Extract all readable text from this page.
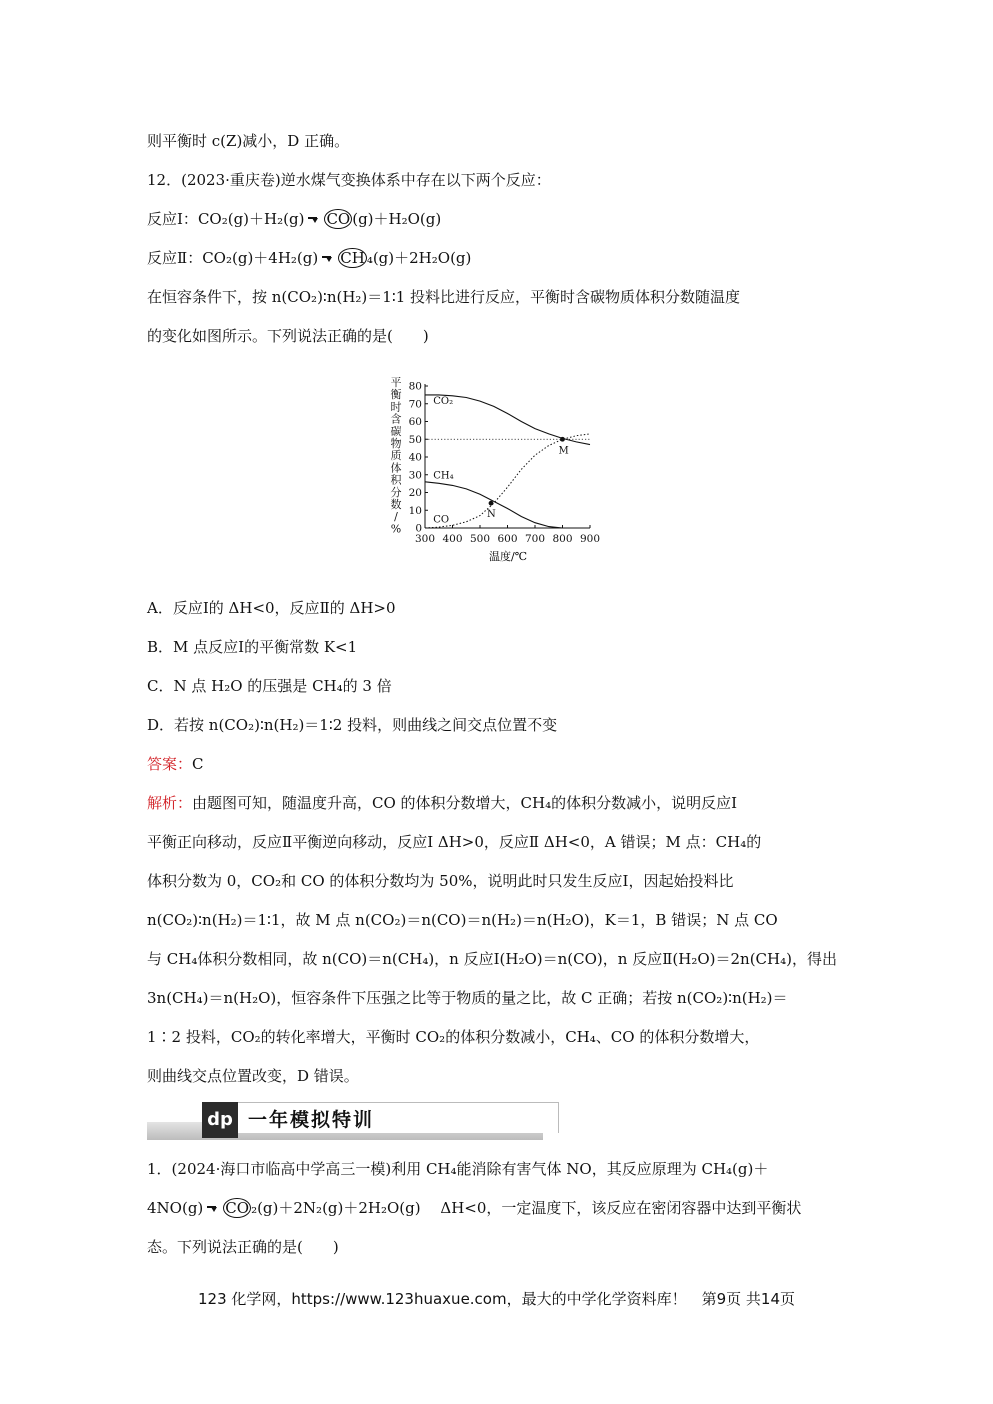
则平衡时 c(Z)减小，D 正确。
12．(2023·重庆卷)逆水煤气变换体系中存在以下两个反应：
反应Ⅰ：CO₂(g)＋H₂(g) CO (g)＋H₂O(g)
反应Ⅱ：CO₂(g)＋4H₂(g) CH ₄(g)＋2H₂O(g)
在恒容条件下，按 n(CO₂)∶n(H₂)＝1∶1 投料比进行反应，平衡时含碳物质体积分数随温度
的变化如图所示。下列说法正确的是(　　)
平
衡
时
含
碳
物
质
体
积
分
数
/
% 0
10
20
30
40
50
60
70
80
300 400 500 600 700 800 900
CO₂
CH₄
CO
M
N
温度/℃
A．反应Ⅰ的 ΔH<0，反应Ⅱ的 ΔH>0
B．M 点反应Ⅰ的平衡常数 K<1
C．N 点 H₂O 的压强是 CH₄的 3 倍
D．若按 n(CO₂)∶n(H₂)＝1∶2 投料，则曲线之间交点位置不变
答案：C
解析：由题图可知，随温度升高，CO 的体积分数增大，CH₄的体积分数减小，说明反应Ⅰ
平衡正向移动，反应Ⅱ平衡逆向移动，反应Ⅰ ΔH>0，反应Ⅱ ΔH<0，A 错误；M 点：CH₄的
体积分数为 0，CO₂和 CO 的体积分数均为 50%，说明此时只发生反应Ⅰ，因起始投料比
n(CO₂)∶n(H₂)＝1∶1，故 M 点 n(CO₂)＝n(CO)＝n(H₂)＝n(H₂O)，K＝1，B 错误；N 点 CO
与 CH₄体积分数相同，故 n(CO)＝n(CH₄)，n 反应Ⅰ(H₂O)＝n(CO)，n 反应Ⅱ(H₂O)＝2n(CH₄)，得出
3n(CH₄)＝n(H₂O)，恒容条件下压强之比等于物质的量之比，故 C 正确；若按 n(CO₂)∶n(H₂)＝
1∶2 投料，CO₂的转化率增大，平衡时 CO₂的体积分数减小，CH₄、CO 的体积分数增大，
则曲线交点位置改变，D 错误。
dp 一年模拟特训
1．(2024·海口市临高中学高三一模)利用 CH₄能消除有害气体 NO，其反应原理为 CH₄(g)＋
4NO(g) CO ₂(g)＋2N₂(g)＋2H₂O(g)　 ΔH<0，一定温度下，该反应在密闭容器中达到平衡状
态。下列说法正确的是(　　)
123 化学网，https://www.123huaxue.com，最大的中学化学资料库！　第9页 共14页
